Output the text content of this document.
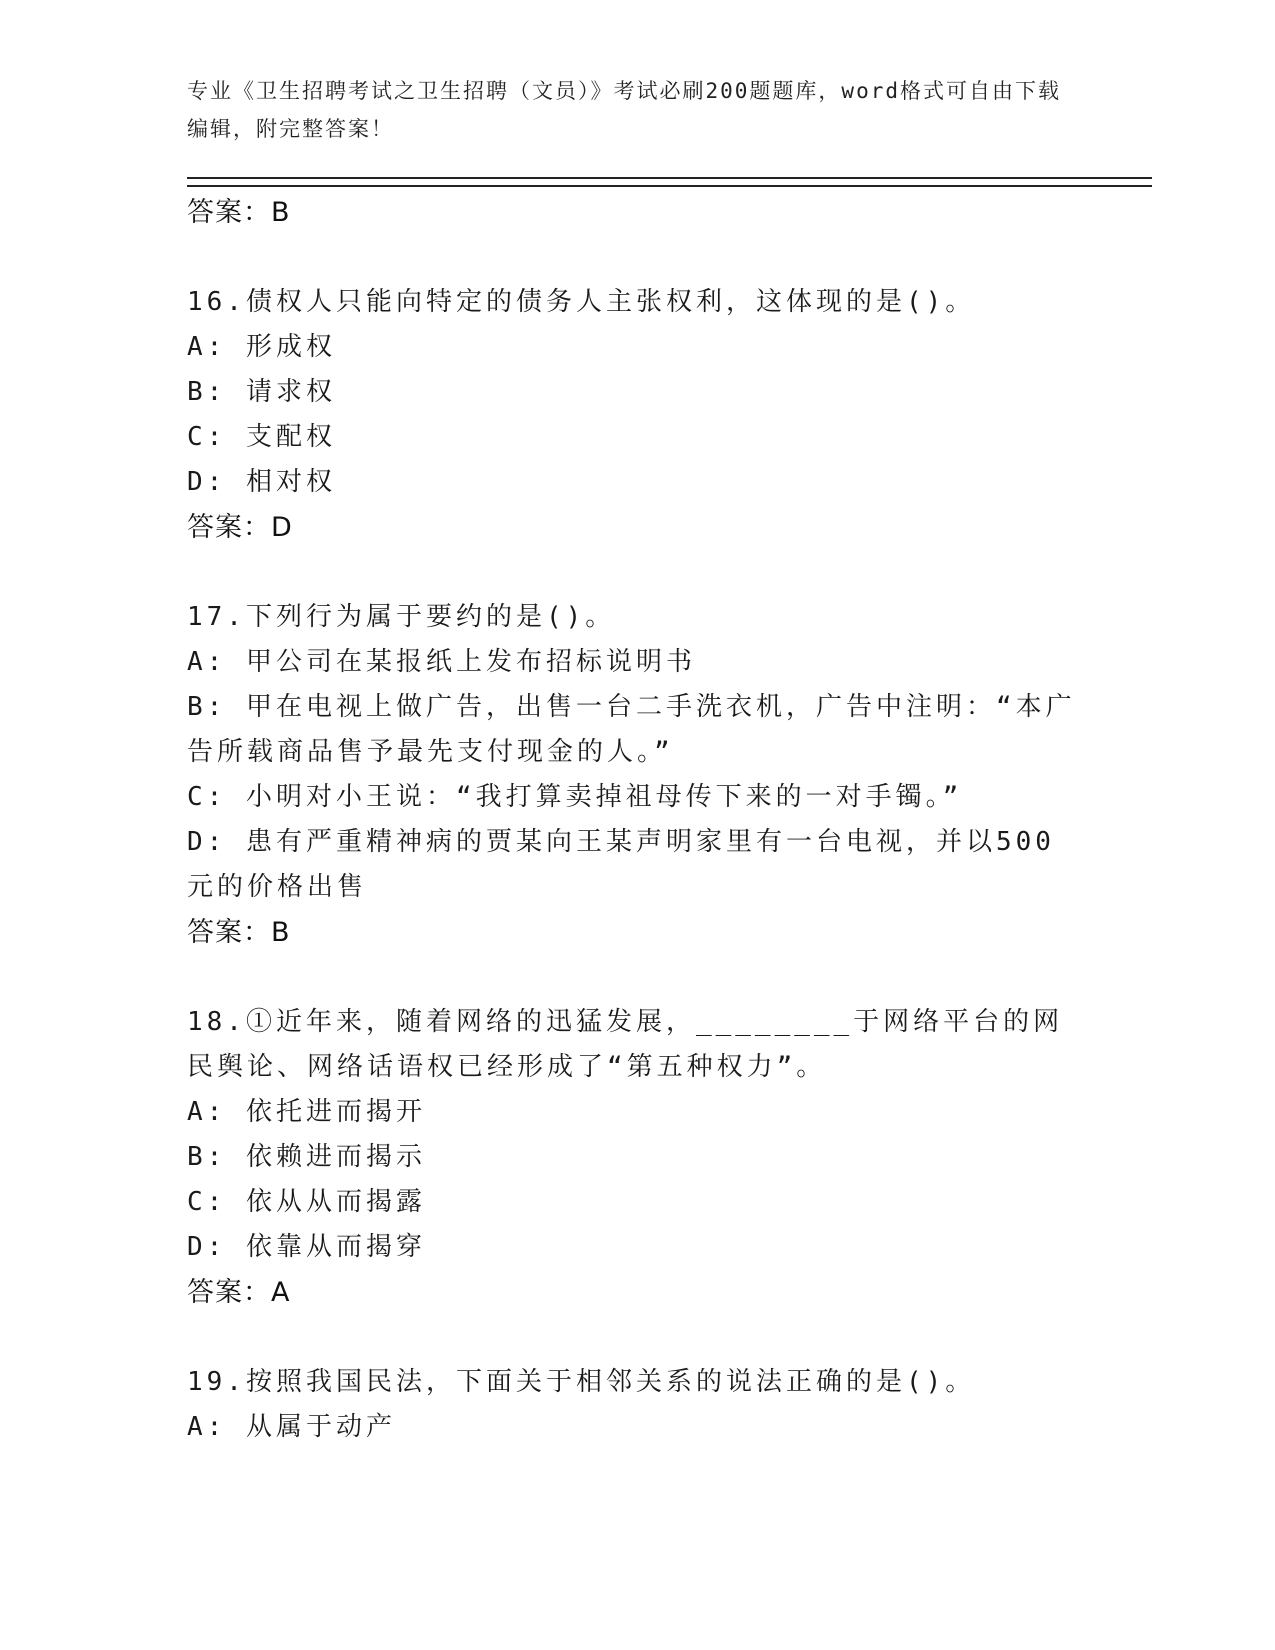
专业《卫生招聘考试之卫生招聘（文员）》考试必刷200题题库，word格式可自由下载编辑，附完整答案！
答案：B
16.债权人只能向特定的债务人主张权利，这体现的是()。
A: 形成权
B: 请求权
C: 支配权
D: 相对权
答案：D
17.下列行为属于要约的是()。
A: 甲公司在某报纸上发布招标说明书
B: 甲在电视上做广告，出售一台二手洗衣机，广告中注明：“本广告所载商品售予最先支付现金的人。”
C: 小明对小王说：“我打算卖掉祖母传下来的一对手镯。”
D: 患有严重精神病的贾某向王某声明家里有一台电视，并以500元的价格出售
答案：B
18.①近年来，随着网络的迅猛发展，________于网络平台的网民舆论、网络话语权已经形成了“第五种权力”。
A: 依托进而揭开
B: 依赖进而揭示
C: 依从从而揭露
D: 依靠从而揭穿
答案：A
19.按照我国民法，下面关于相邻关系的说法正确的是()。
A: 从属于动产
